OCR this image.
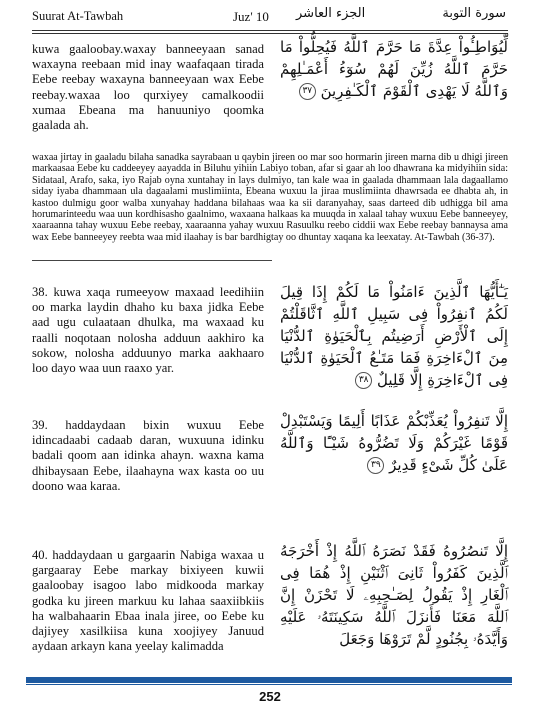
Suurat At-Tawbah	Juz' 10 الجزء العاشر	سورة التوبة
kuwa gaaloobay.waxay banneeyaan sanad waxayna reebaan mid inay waafaqaan tirada Eebe reebay waxayna banneeyaan wax Eebe reebay.waxaa loo qurxiyey camalkoodii xumaa Ebeana ma hanuuniyo qoomka gaalada ah.
لِّيُوَاطِـُٔواْ عِدَّةَ مَا حَرَّمَ ٱللَّهُ فَيُحِلُّواْ مَا حَرَّمَ ٱللَّهُ زُيِّنَ لَهُمْ سُوٓءُ أَعْمَـٰلِهِمْ وَٱللَّهُ لَا يَهْدِى ٱلْقَوْمَ ٱلْكَـٰفِرِينَ ٣٧
waxaa jirtay in gaaladu bilaha sanadka sayrabaan u qaybin jireen oo mar soo hormarin jireen marna dib u dhigi jireen markaasaa Eebe ku caddeeyey aayadda in Biluhu yihiin Labiyo toban, afar si gaar ah loo dhawrana ka midyihiin sida: Sidataal, Arafo, saka, iyo Rajab oyna xuntahay in lays dulmiyo, tan kale waa in gaalada dhammaan lala dagaallamo siday iyaba dhammaan ula dagaalami muslimiinta, Ebeana wuxuu la jiraa muslimiinta dhawrsada ee dhabta ah, in kastoo dulmigu goor walba xunyahay haddana bilahaas waa ka sii daranyahay, saas darteed dib udhigga bil ama horumarinteedu waa uun kordhisasho gaalnimo, waxaana halkaas ka muuqda in xalaal tahay wuxuu Eebe banneeyey, xaaraanna tahay wuxuu Eebe reebay, xaaraanna yahay wuxuu Rasuulku reebo ciddii wax Eebe reebay bannaysa ama wax Eebe banneeyey reebta waa mid ilaahay is bar bardhigtay oo dhuntay xaqana ka leexatay. At-Tawbah (36-37).
38. kuwa xaqa rumeeyow maxaad leedihiin oo marka laydin dhaho ku baxa jidka Eebe aad ugu culaataan dhulka, ma waxaad ku raalli noqotaan nolosha adduun aakhiro ka sokow, nolosha adduunyo marka aakhaaro loo dayo waa uun raaxo yar.
يَـٰٓأَيُّهَا ٱلَّذِينَ ءَامَنُواْ مَا لَكُمْ إِذَا قِيلَ لَكُمُ ٱنفِرُواْ فِى سَبِيلِ ٱللَّهِ ٱثَّاقَلْتُمْ إِلَى ٱلْأَرْضِ أَرَضِيتُم بِٱلْحَيَوٰةِ ٱلدُّنْيَا مِنَ ٱلْءَاخِرَةِ فَمَا مَتَـٰعُ ٱلْحَيَوٰةِ ٱلدُّنْيَا فِى ٱلْءَاخِرَةِ إِلَّا قَلِيلٌ ٣٨
39. haddaydaan bixin wuxuu Eebe idincadaabi cadaab daran, wuxuuna idinku badali qoom aan idinka ahayn. waxna kama dhibaysaan Eebe, ilaahayna wax kasta oo uu doono waa karaa.
إِلَّا تَنفِرُواْ يُعَذِّبْكُمْ عَذَابًا أَلِيمًا وَيَسْتَبْدِلْ قَوْمًا غَيْرَكُمْ وَلَا تَضُرُّوهُ شَيْـًٔا وَٱللَّهُ عَلَىٰ كُلِّ شَىْءٍ قَدِيرٌ ٣٩
40. haddaydaan u gargaarin Nabiga waxaa u gargaaray Eebe markay bixiyeen kuwii gaaloobay isagoo labo midkooda markay godka ku jireen markuu ku lahaa saaxiibkiis ha walbahaarin Ebaa inala jiree, oo Eebe ku dajiyey xasilkiisa kuna xoojiyey Januud aydaan arkayn kana yeelay kalimadda
إِلَّا تَنصُرُوهُ فَقَدْ نَصَرَهُ ٱللَّهُ إِذْ أَخْرَجَهُ ٱلَّذِينَ كَفَرُواْ ثَانِىَ ٱثْنَيْنِ إِذْ هُمَا فِى ٱلْغَارِ إِذْ يَقُولُ لِصَـٰحِبِهِۦ لَا تَحْزَنْ إِنَّ ٱللَّهَ مَعَنَا فَأَنزَلَ ٱللَّهُ سَكِينَتَهُۥ عَلَيْهِ وَأَيَّدَهُۥ بِجُنُودٍ لَّمْ تَرَوْهَا وَجَعَلَ
252
